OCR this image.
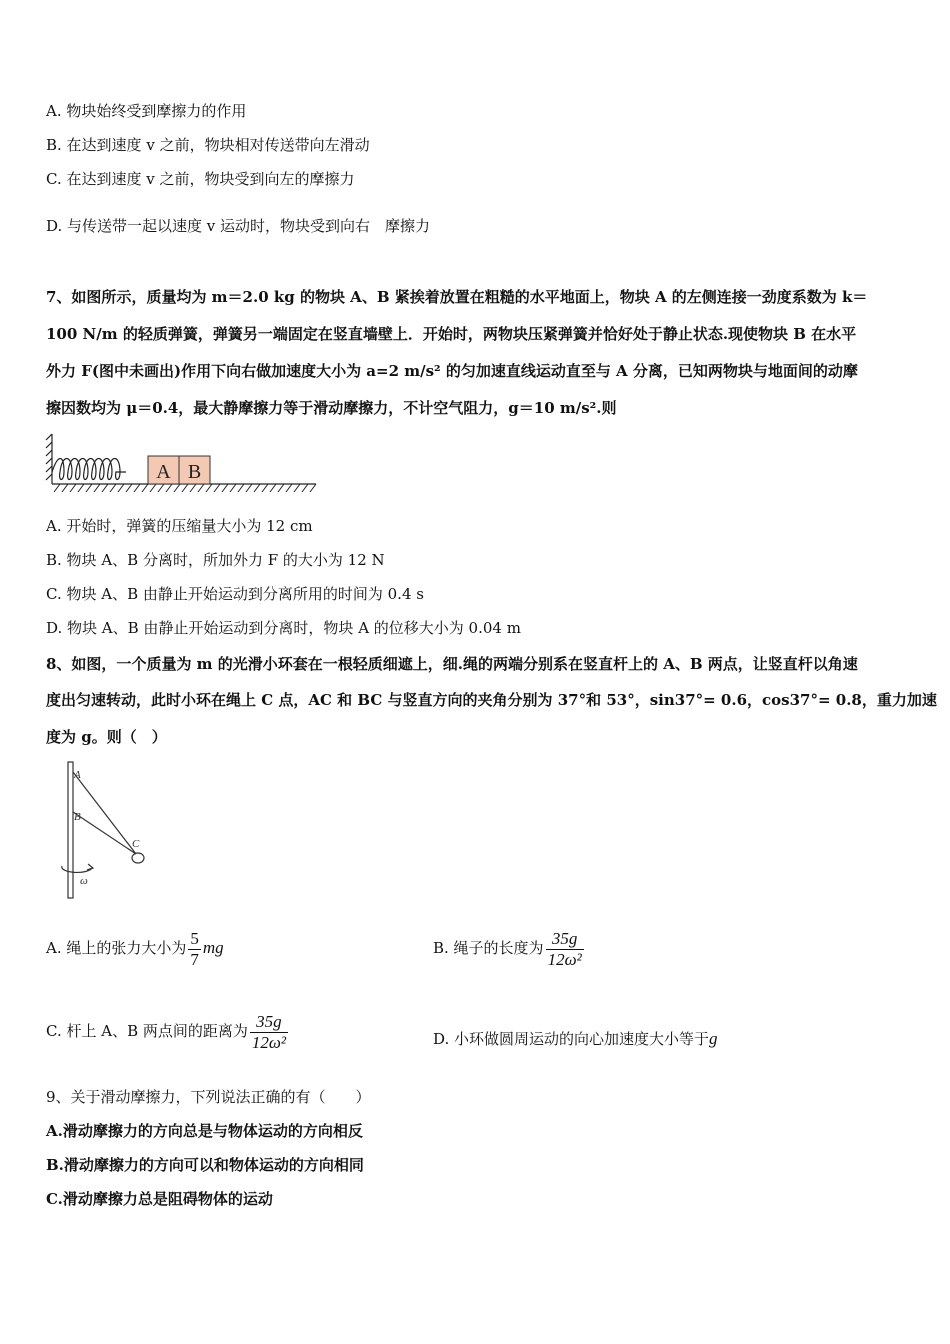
A. 物块始终受到摩擦力的作用
B. 在达到速度 v 之前，物块相对传送带向左滑动
C. 在达到速度 v 之前，物块受到向左的摩擦力
D. 与传送带一起以速度 v 运动时，物块受到向右　摩擦力
7、如图所示，质量均为 m＝2.0 kg 的物块 A、B 紧挨着放置在粗糙的水平地面上，物块 A 的左侧连接一劲度系数为 k＝
100 N/m 的轻质弹簧，弹簧另一端固定在竖直墙壁上．开始时，两物块压紧弹簧并恰好处于静止状态.现使物块 B 在水平
外力 F(图中未画出)作用下向右做加速度大小为 a=2 m/s² 的匀加速直线运动直至与 A 分离，已知两物块与地面间的动摩
擦因数均为 μ＝0.4，最大静摩擦力等于滑动摩擦力，不计空气阻力，g＝10 m/s².则
A B
A. 开始时，弹簧的压缩量大小为 12 cm
B. 物块 A、B 分离时，所加外力 F 的大小为 12 N
C. 物块 A、B 由静止开始运动到分离所用的时间为 0.4 s
D. 物块 A、B 由静止开始运动到分离时，物块 A 的位移大小为 0.04 m
8、如图，一个质量为 m 的光滑小环套在一根轻质细遮上，细.绳的两端分别系在竖直杆上的 A、B 两点，让竖直杆以角速
度出匀速转动，此时小环在绳上 C 点，AC 和 BC 与竖直方向的夹角分别为 37°和 53°，sin37°= 0.6，cos37°= 0.8，重力加速
度为 g。则（　）
A
B
C
ω
A. 绳上的张力大小为 $\frac{5}{7}$ mg	B. 绳子的长度为 $\frac{35g}{\text{12ω²}}$
C. 杆上 A、B 两点间的距离为 $\frac{35g}{\text{12ω²}}$	D. 小环做圆周运动的向心加速度大小等于g
9、关于滑动摩擦力，下列说法正确的有（　　）
A.滑动摩擦力的方向总是与物体运动的方向相反
B.滑动摩擦力的方向可以和物体运动的方向相同
C.滑动摩擦力总是阻碍物体的运动
